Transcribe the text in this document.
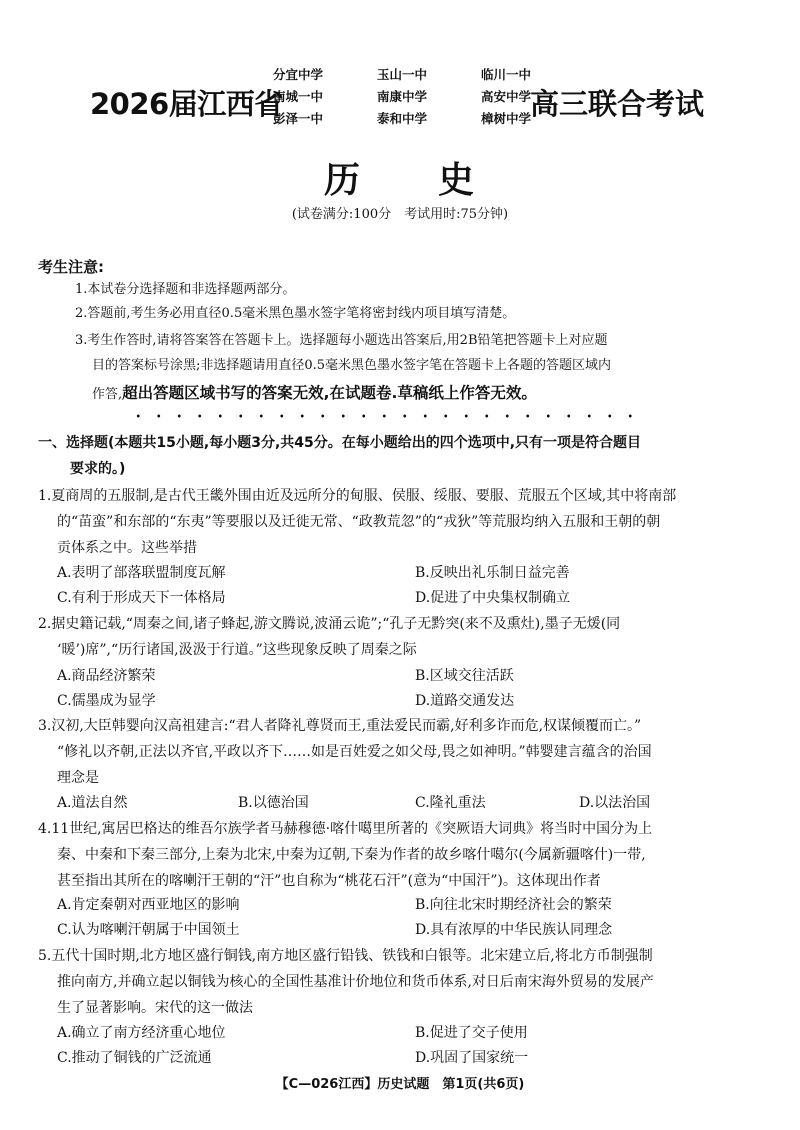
2026届江西省
分宜中学	玉山一中	临川一中
南城一中	南康中学	高安中学
彭泽一中	泰和中学	樟树中学 高三联合考试
历　　史
(试卷满分:100分　考试用时:75分钟)
考生注意:
1.本试卷分选择题和非选择题两部分。
2.答题前,考生务必用直径0.5毫米黑色墨水签字笔将密封线内项目填写清楚。
3.考生作答时,请将答案答在答题卡上。选择题每小题选出答案后,用2B铅笔把答题卡上对应题
目的答案标号涂黑;非选择题请用直径0.5毫米黑色墨水签字笔在答题卡上各题的答题区域内
作答,超出答题区域书写的答案无效,在试题卷.草稿纸上作答无效。
一、选择题(本题共15小题,每小题3分,共45分。在每小题给出的四个选项中,只有一项是符合题目
要求的。)
1.夏商周的五服制,是古代王畿外围由近及远所分的甸服、侯服、绥服、要服、荒服五个区域,其中将南部
的“苗蛮”和东部的“东夷”等要服以及迁徙无常、“政教荒忽”的“戎狄”等荒服均纳入五服和王朝的朝
贡体系之中。这些举措
A.表明了部落联盟制度瓦解	B.反映出礼乐制日益完善
C.有利于形成天下一体格局	D.促进了中央集权制确立
2.据史籍记载,“周秦之间,诸子蜂起,游文腾说,波涌云诡”;“孔子无黔突(来不及熏灶),墨子无煖(同
‘暖’)席”,“历行诸国,汲汲于行道。”这些现象反映了周秦之际
A.商品经济繁荣	B.区域交往活跃
C.儒墨成为显学	D.道路交通发达
3.汉初,大臣韩婴向汉高祖建言:“君人者降礼尊贤而王,重法爱民而霸,好利多诈而危,权谋倾覆而亡。”
“修礼以齐朝,正法以齐官,平政以齐下……如是百姓爱之如父母,畏之如神明。”韩婴建言蕴含的治国
理念是
A.道法自然	B.以德治国	C.隆礼重法	D.以法治国
4.11世纪,寓居巴格达的维吾尔族学者马赫穆德·喀什噶里所著的《突厥语大词典》将当时中国分为上
秦、中秦和下秦三部分,上秦为北宋,中秦为辽朝,下秦为作者的故乡喀什噶尔(今属新疆喀什)一带,
甚至指出其所在的喀喇汗王朝的“汗”也自称为“桃花石汗”(意为“中国汗”)。这体现出作者
A.肯定秦朝对西亚地区的影响	B.向往北宋时期经济社会的繁荣
C.认为喀喇汗朝属于中国领土	D.具有浓厚的中华民族认同理念
5.五代十国时期,北方地区盛行铜钱,南方地区盛行铅钱、铁钱和白银等。北宋建立后,将北方币制强制
推向南方,并确立起以铜钱为核心的全国性基准计价地位和货币体系,对日后南宋海外贸易的发展产
生了显著影响。宋代的这一做法
A.确立了南方经济重心地位	B.促进了交子使用
C.推动了铜钱的广泛流通	D.巩固了国家统一
【C—026江西】历史试题　第1页(共6页)
